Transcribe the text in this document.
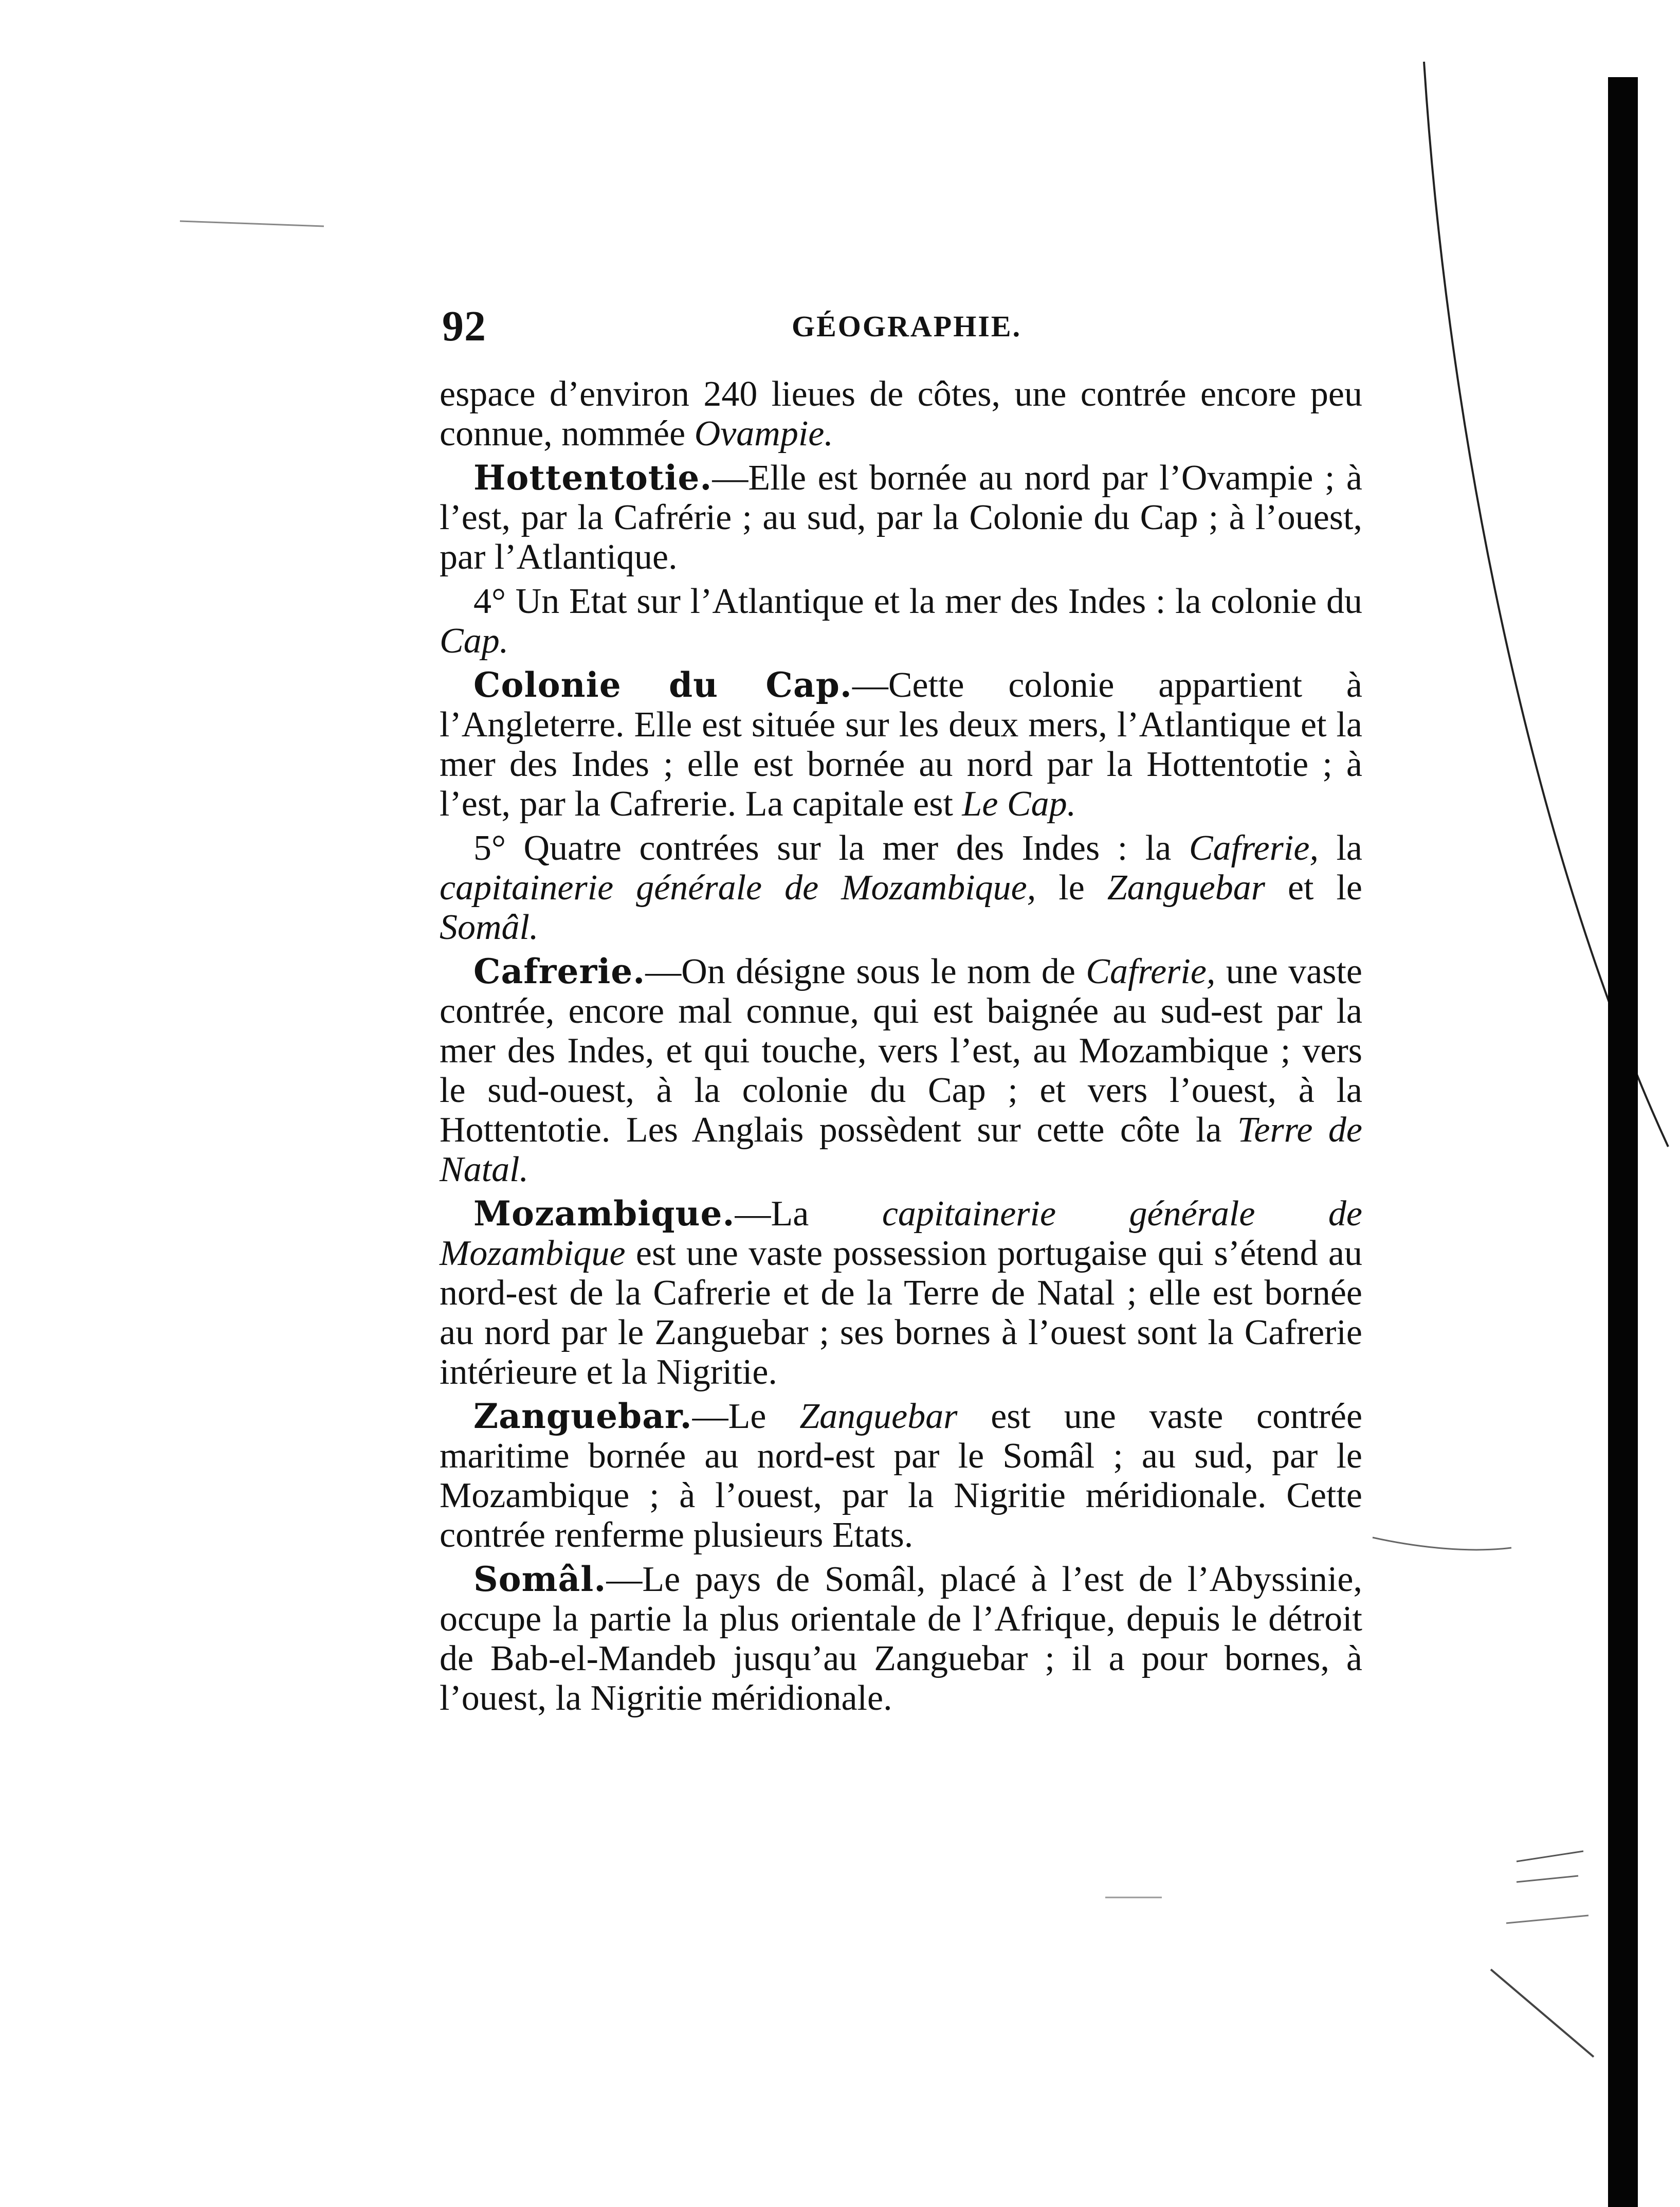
92	GÉOGRAPHIE.

espace d’environ 240 lieues de côtes, une contrée encore peu connue, nommée Ovampie.

Hottentotie.—Elle est bornée au nord par l’Ovampie ; à l’est, par la Cafrérie ; au sud, par la Colonie du Cap ; à l’ouest, par l’Atlantique.

4° Un Etat sur l’Atlantique et la mer des Indes : la colonie du Cap.

Colonie du Cap.—Cette colonie appartient à l’Angleterre. Elle est située sur les deux mers, l’Atlantique et la mer des Indes ; elle est bornée au nord par la Hottentotie ; à l’est, par la Cafrerie. La capitale est Le Cap.

5° Quatre contrées sur la mer des Indes : la Cafrerie, la capitainerie générale de Mozambique, le Zanguebar et le Somâl.

Cafrerie.—On désigne sous le nom de Cafrerie, une vaste contrée, encore mal connue, qui est baignée au sud-est par la mer des Indes, et qui touche, vers l’est, au Mozambique ; vers le sud-ouest, à la colonie du Cap ; et vers l’ouest, à la Hottentotie. Les Anglais possèdent sur cette côte la Terre de Natal.

Mozambique.—La capitainerie générale de Mozambique est une vaste possession portugaise qui s’étend au nord-est de la Cafrerie et de la Terre de Natal ; elle est bornée au nord par le Zanguebar ; ses bornes à l’ouest sont la Cafrerie intérieure et la Nigritie.

Zanguebar.—Le Zanguebar est une vaste contrée maritime bornée au nord-est par le Somâl ; au sud, par le Mozambique ; à l’ouest, par la Nigritie méridionale. Cette contrée renferme plusieurs Etats.

Somâl.—Le pays de Somâl, placé à l’est de l’Abyssinie, occupe la partie la plus orientale de l’Afrique, depuis le détroit de Bab-el-Mandeb jusqu’au Zanguebar ; il a pour bornes, à l’ouest, la Nigritie méridionale.
